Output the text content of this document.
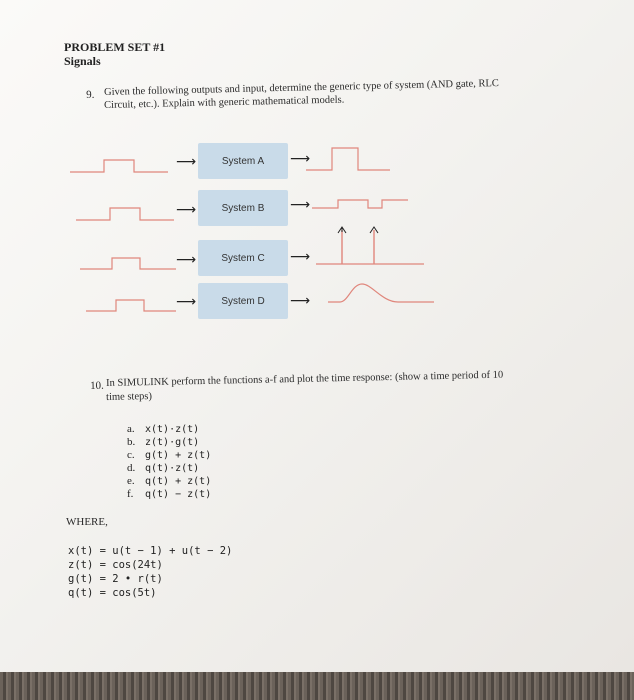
PROBLEM SET #1
Signals
9. Given the following outputs and input, determine the generic type of system (AND gate, RLC
Circuit, etc.). Explain with generic mathematical models.
⟶	System A	⟶
⟶	System B	⟶
⟶	System C	⟶
⟶	System D	⟶
10. In SIMULINK perform the functions a-f and plot the time response: (show a time period of 10
time steps)
a. x(t)·z(t)
b. z(t)·g(t)
c. g(t) + z(t)
d. q(t)·z(t)
e. q(t) + z(t)
f. q(t) − z(t)
WHERE,
x(t) = u(t − 1) + u(t − 2)
z(t) = cos(24t)
g(t) = 2 • r(t)
q(t) = cos(5t)
